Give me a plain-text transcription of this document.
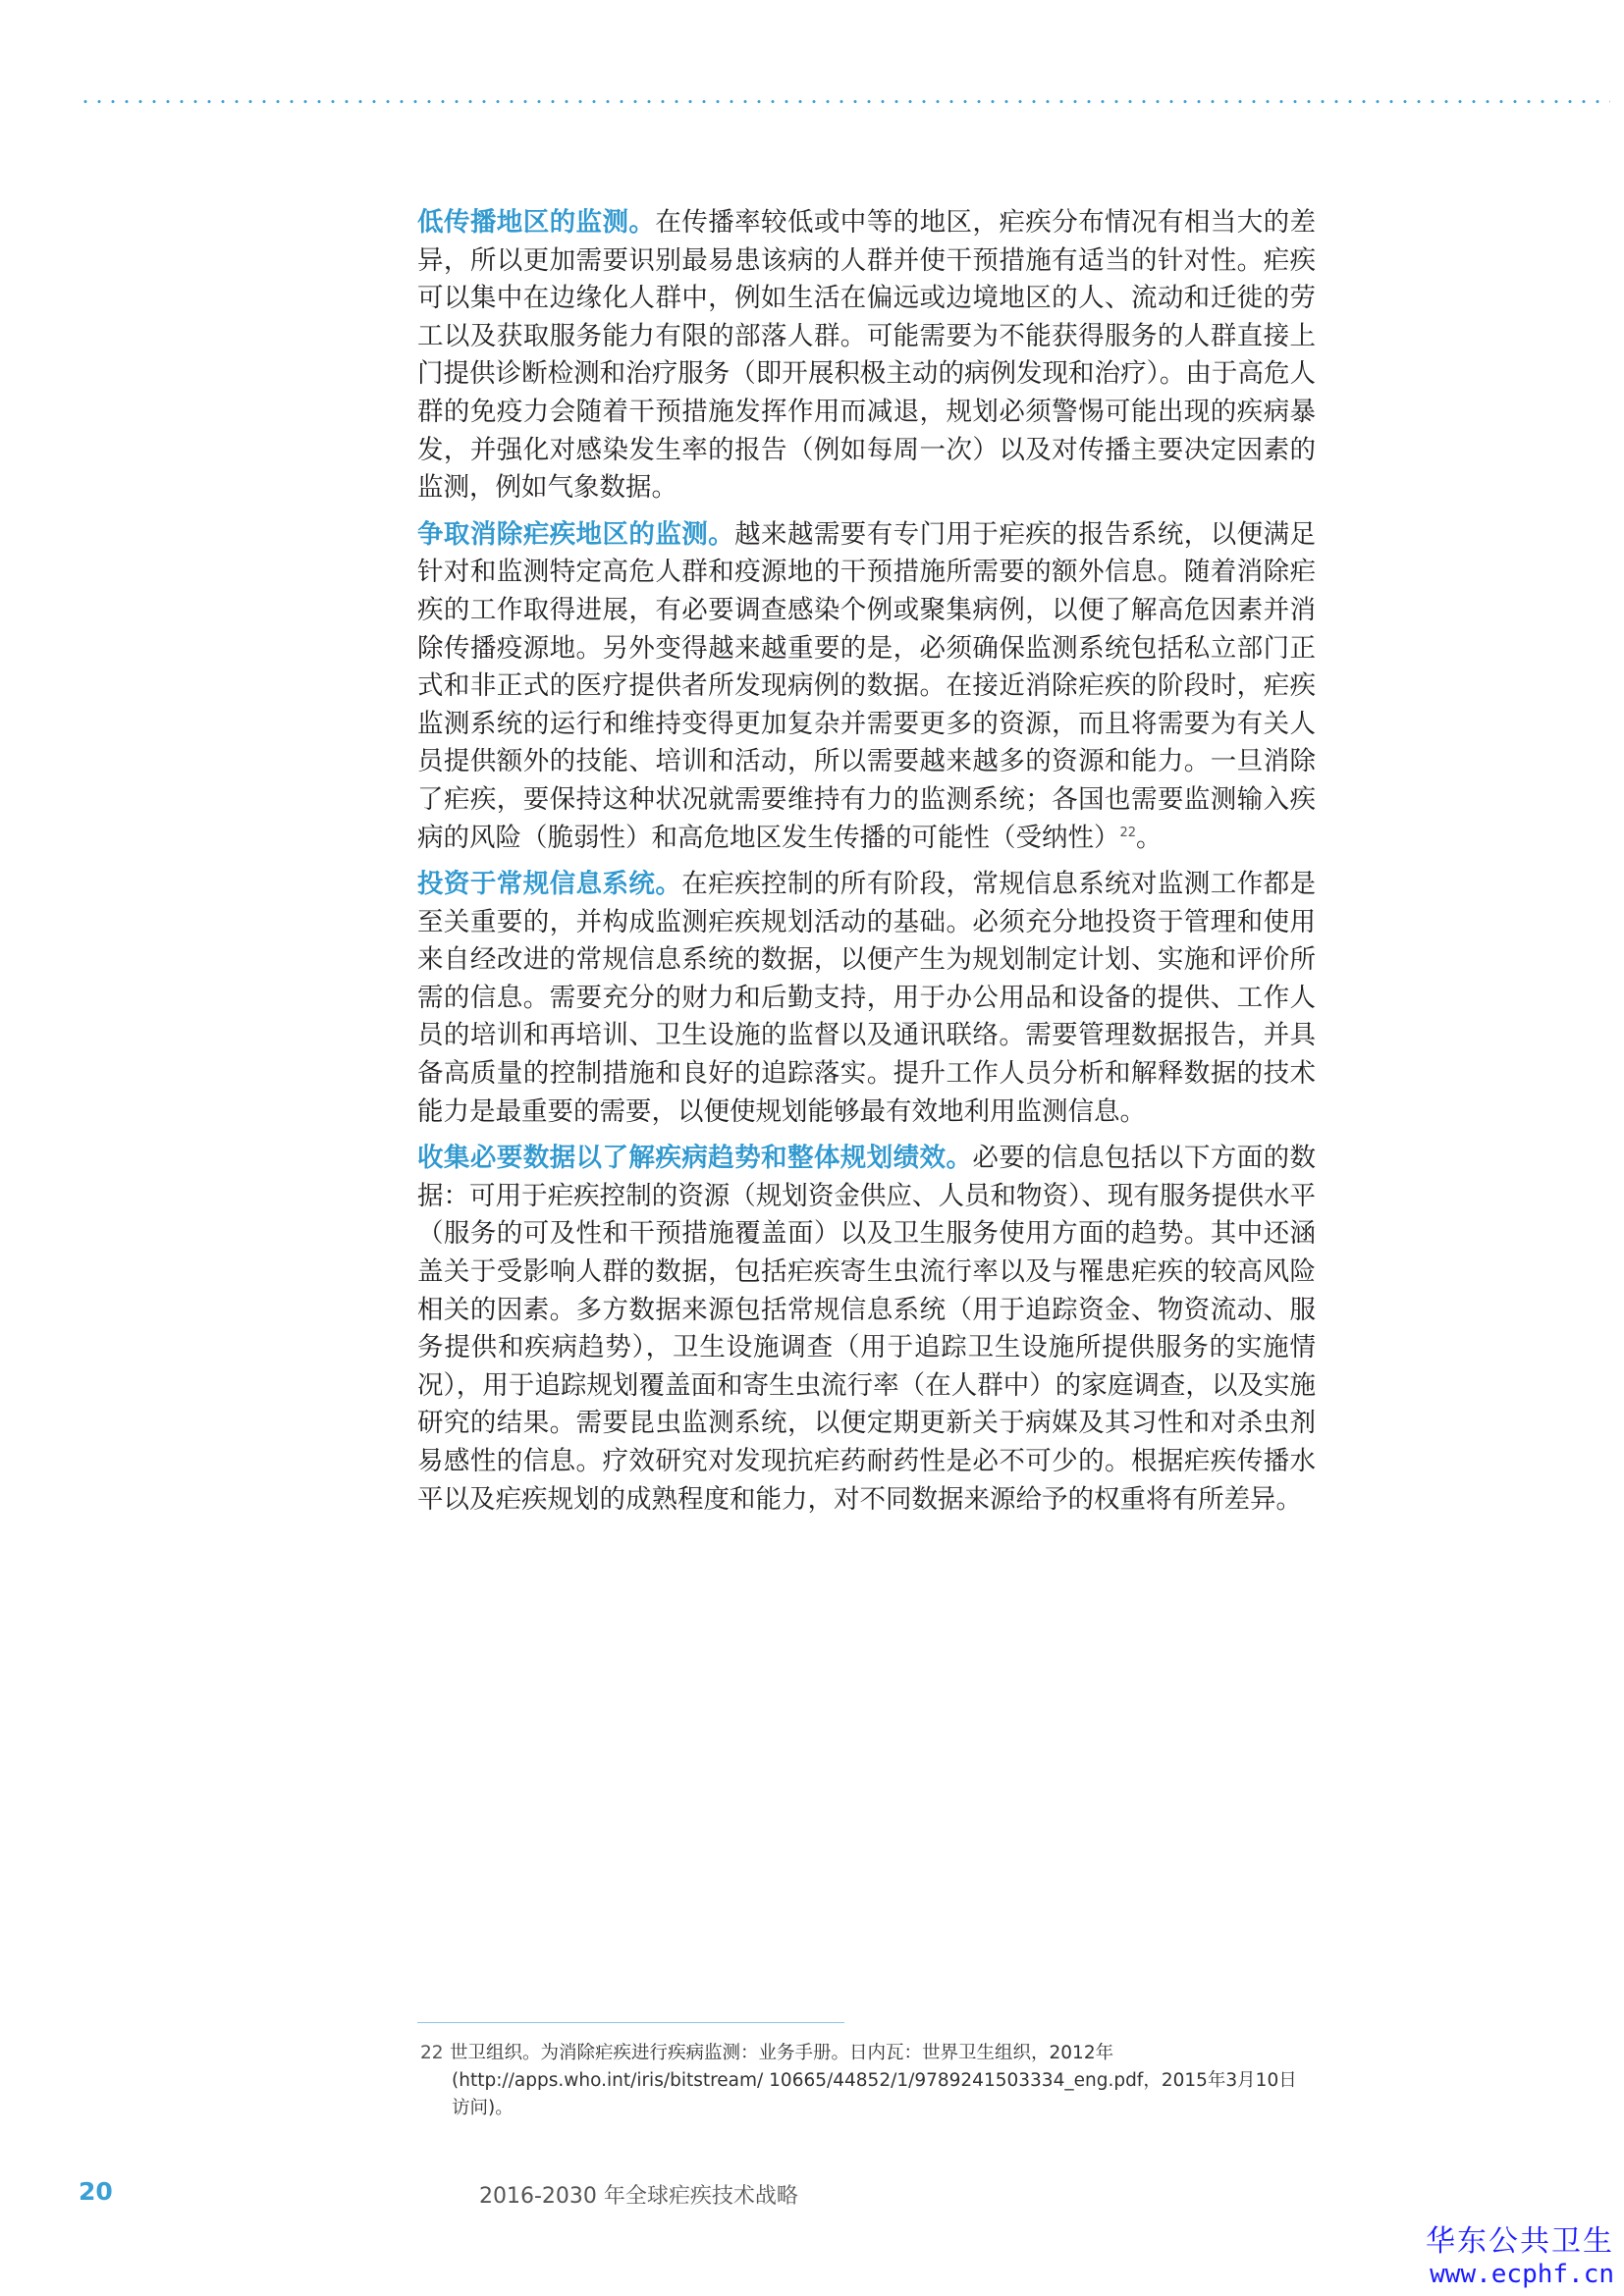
低传播地区的监测。在传播率较低或中等的地区，疟疾分布情况有相当大的差异，所以更加需要识别最易患该病的人群并使干预措施有适当的针对性。疟疾可以集中在边缘化人群中，例如生活在偏远或边境地区的人、流动和迁徙的劳工以及获取服务能力有限的部落人群。可能需要为不能获得服务的人群直接上门提供诊断检测和治疗服务（即开展积极主动的病例发现和治疗）。由于高危人群的免疫力会随着干预措施发挥作用而减退，规划必须警惕可能出现的疾病暴发，并强化对感染发生率的报告（例如每周一次）以及对传播主要决定因素的监测，例如气象数据。

争取消除疟疾地区的监测。越来越需要有专门用于疟疾的报告系统，以便满足针对和监测特定高危人群和疫源地的干预措施所需要的额外信息。随着消除疟疾的工作取得进展，有必要调查感染个例或聚集病例，以便了解高危因素并消除传播疫源地。另外变得越来越重要的是，必须确保监测系统包括私立部门正式和非正式的医疗提供者所发现病例的数据。在接近消除疟疾的阶段时，疟疾监测系统的运行和维持变得更加复杂并需要更多的资源，而且将需要为有关人员提供额外的技能、培训和活动，所以需要越来越多的资源和能力。一旦消除了疟疾，要保持这种状况就需要维持有力的监测系统；各国也需要监测输入疾病的风险（脆弱性）和高危地区发生传播的可能性（受纳性）$^{22}$。

投资于常规信息系统。在疟疾控制的所有阶段，常规信息系统对监测工作都是至关重要的，并构成监测疟疾规划活动的基础。必须充分地投资于管理和使用来自经改进的常规信息系统的数据，以便产生为规划制定计划、实施和评价所需的信息。需要充分的财力和后勤支持，用于办公用品和设备的提供、工作人员的培训和再培训、卫生设施的监督以及通讯联络。需要管理数据报告，并具备高质量的控制措施和良好的追踪落实。提升工作人员分析和解释数据的技术能力是最重要的需要，以便使规划能够最有效地利用监测信息。

收集必要数据以了解疾病趋势和整体规划绩效。必要的信息包括以下方面的数据：可用于疟疾控制的资源（规划资金供应、人员和物资）、现有服务提供水平（服务的可及性和干预措施覆盖面）以及卫生服务使用方面的趋势。其中还涵盖关于受影响人群的数据，包括疟疾寄生虫流行率以及与罹患疟疾的较高风险相关的因素。多方数据来源包括常规信息系统（用于追踪资金、物资流动、服务提供和疾病趋势），卫生设施调查（用于追踪卫生设施所提供服务的实施情况），用于追踪规划覆盖面和寄生虫流行率（在人群中）的家庭调查，以及实施研究的结果。需要昆虫监测系统，以便定期更新关于病媒及其习性和对杀虫剂易感性的信息。疗效研究对发现抗疟药耐药性是必不可少的。根据疟疾传播水平以及疟疾规划的成熟程度和能力，对不同数据来源给予的权重将有所差异。

22 世卫组织。为消除疟疾进行疾病监测：业务手册。日内瓦：世界卫生组织，2012年
(http://apps.who.int/iris/bitstream/ 10665/44852/1/9789241503334_eng.pdf，2015年3月10日访问)。
20	2016-2030 年全球疟疾技术战略
华东公共卫生
www.ecphf.cn
